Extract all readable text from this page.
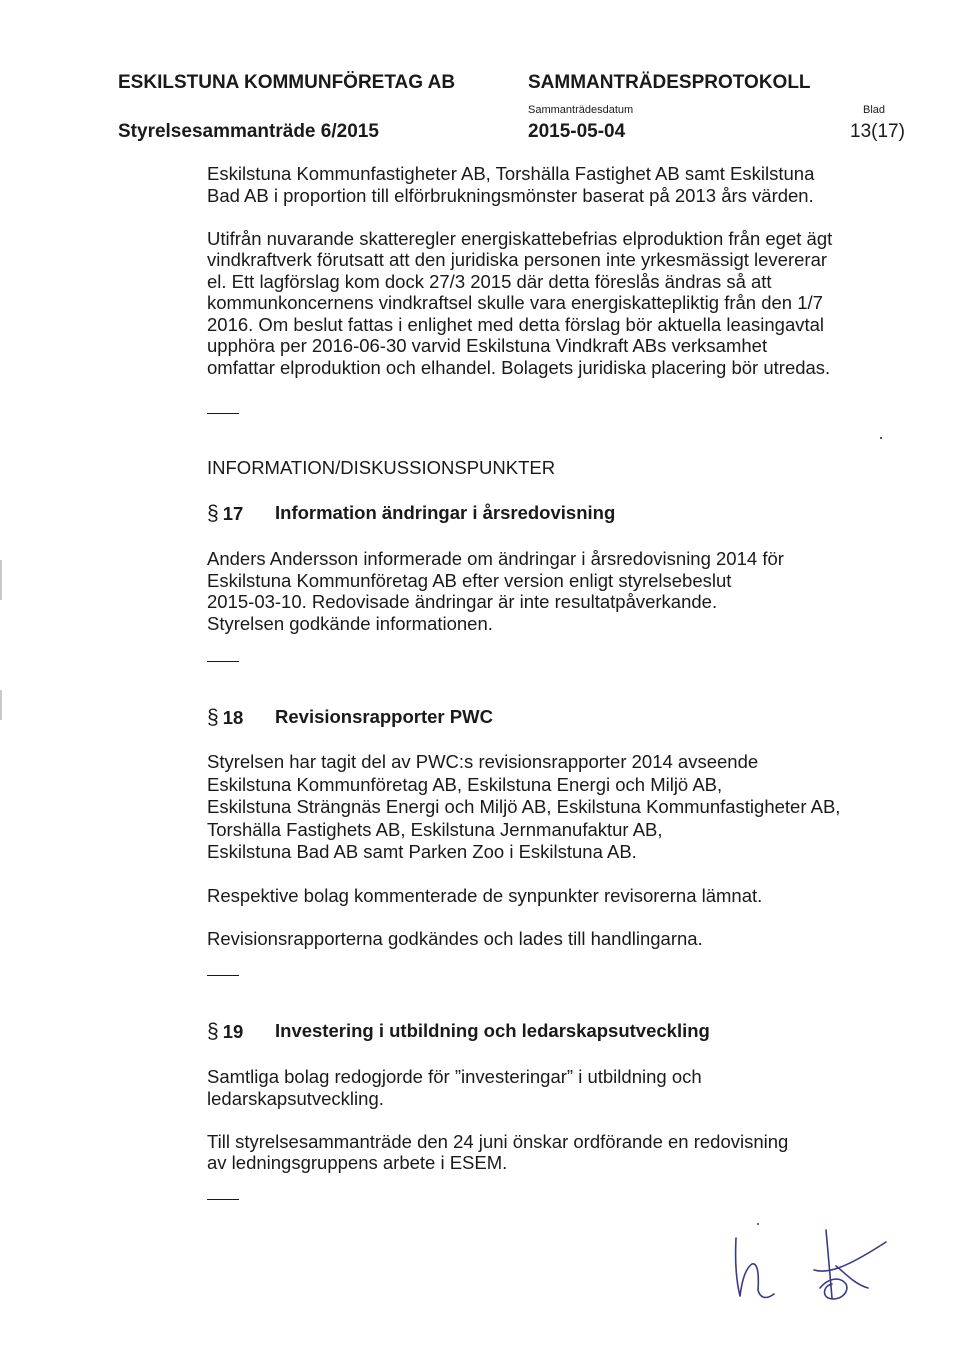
ESKILSTUNA KOMMUNFÖRETAG AB	SAMMANTRÄDESPROTOKOLL
Styrelsesammanträde 6/2015
Sammanträdesdatum
2015-05-04
Blad
13(17)
Eskilstuna Kommunfastigheter AB, Torshälla Fastighet AB samt Eskilstuna
Bad AB i proportion till elförbrukningsmönster baserat på 2013 års värden.

Utifrån nuvarande skatteregler energiskattebefrias elproduktion från eget ägt
vindkraftverk förutsatt att den juridiska personen inte yrkesmässigt levererar
el. Ett lagförslag kom dock 27/3 2015 där detta föreslås ändras så att
kommunkoncernens vindkraftsel skulle vara energiskattepliktig från den 1/7
2016. Om beslut fattas i enlighet med detta förslag bör aktuella leasingavtal
upphöra per 2016-06-30 varvid Eskilstuna Vindkraft ABs verksamhet
omfattar elproduktion och elhandel. Bolagets juridiska placering bör utredas.
INFORMATION/DISKUSSIONSPUNKTER
§ 17 Information ändringar i årsredovisning
Anders Andersson informerade om ändringar i årsredovisning 2014 för
Eskilstuna Kommunföretag AB efter version enligt styrelsebeslut
2015-03-10. Redovisade ändringar är inte resultatpåverkande.
Styrelsen godkände informationen.
§ 18 Revisionsrapporter PWC
Styrelsen har tagit del av PWC:s revisionsrapporter 2014 avseende
Eskilstuna Kommunföretag AB, Eskilstuna Energi och Miljö AB,
Eskilstuna Strängnäs Energi och Miljö AB, Eskilstuna Kommunfastigheter AB,
Torshälla Fastighets AB, Eskilstuna Jernmanufaktur AB,
Eskilstuna Bad AB samt Parken Zoo i Eskilstuna AB.

Respektive bolag kommenterade de synpunkter revisorerna lämnat.

Revisionsrapporterna godkändes och lades till handlingarna.
§ 19 Investering i utbildning och ledarskapsutveckling
Samtliga bolag redogjorde för ”investeringar” i utbildning och
ledarskapsutveckling.

Till styrelsesammanträde den 24 juni önskar ordförande en redovisning
av ledningsgruppens arbete i ESEM.
